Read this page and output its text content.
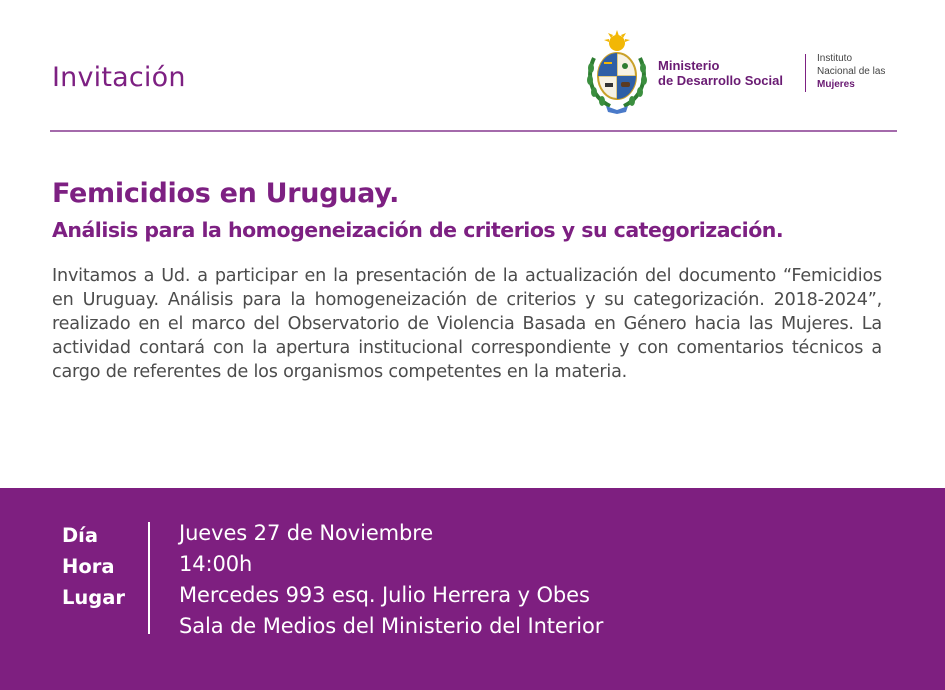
Invitación	Ministerio
de Desarrollo Social
Instituto
Nacional de las
Mujeres
Femicidios en Uruguay.
Análisis para la homogeneización de criterios y su categorización.

Invitamos a Ud. a participar en la presentación de la actualización del documento “Femicidios en Uruguay. Análisis para la homogeneización de criterios y su categorización. 2018-2024”, realizado en el marco del Observatorio de Violencia Basada en Género hacia las Mujeres. La actividad contará con la apertura institucional correspondiente y con comentarios técnicos a cargo de referentes de los organismos competentes en la materia.

Día
Hora
Lugar
Jueves 27 de Noviembre
14:00h
Mercedes 993 esq. Julio Herrera y Obes
Sala de Medios del Ministerio del Interior
